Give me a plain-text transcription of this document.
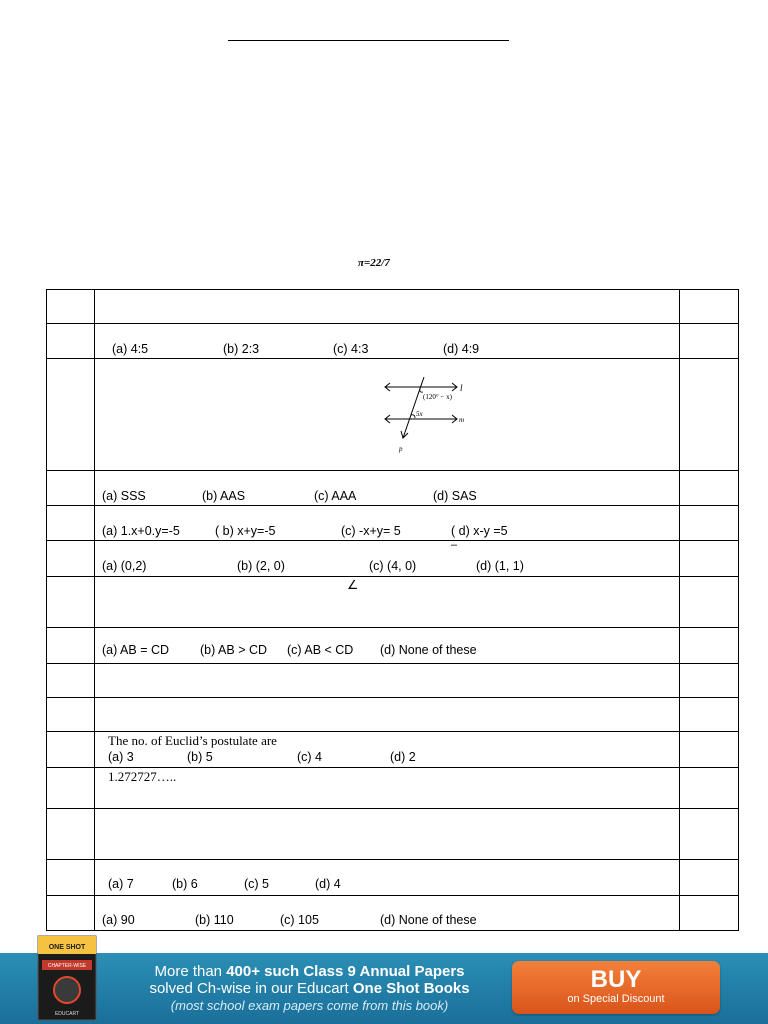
π=22/7

	(a) 4:5 (b) 2:3 (c) 4:3 (d) 4:9	

l
m
p
(120° − x)
5x	

	(a) SSS (b) AAS (c) AAA (d) SAS	

	(a) 1.x+0.y=-5 ( b) x+y=-5 (c) -x+y= 5 ( d) x-y =5	

	–
(a) (0,2) (b) (2, 0) (c) (4, 0) (d) (1, 1)	

	∠	

	(a) AB = CD (b) AB > CD (c) AB < CD (d) None of these	

	The no. of Euclid’s postulate are
(a) 3 (b) 5 (c) 4 (d) 2	

	1.272727…..	

	(a) 7 (b) 6 (c) 5 (d) 4	

	(a) 90 (b) 110 (c) 105 (d) None of these	

ONE SHOT
CHAPTER-WISE
EDUCART
More than 400+ such Class 9 Annual Papers
solved Ch-wise in our Educart One Shot Books
(most school exam papers come from this book)
BUY
on Special Discount
